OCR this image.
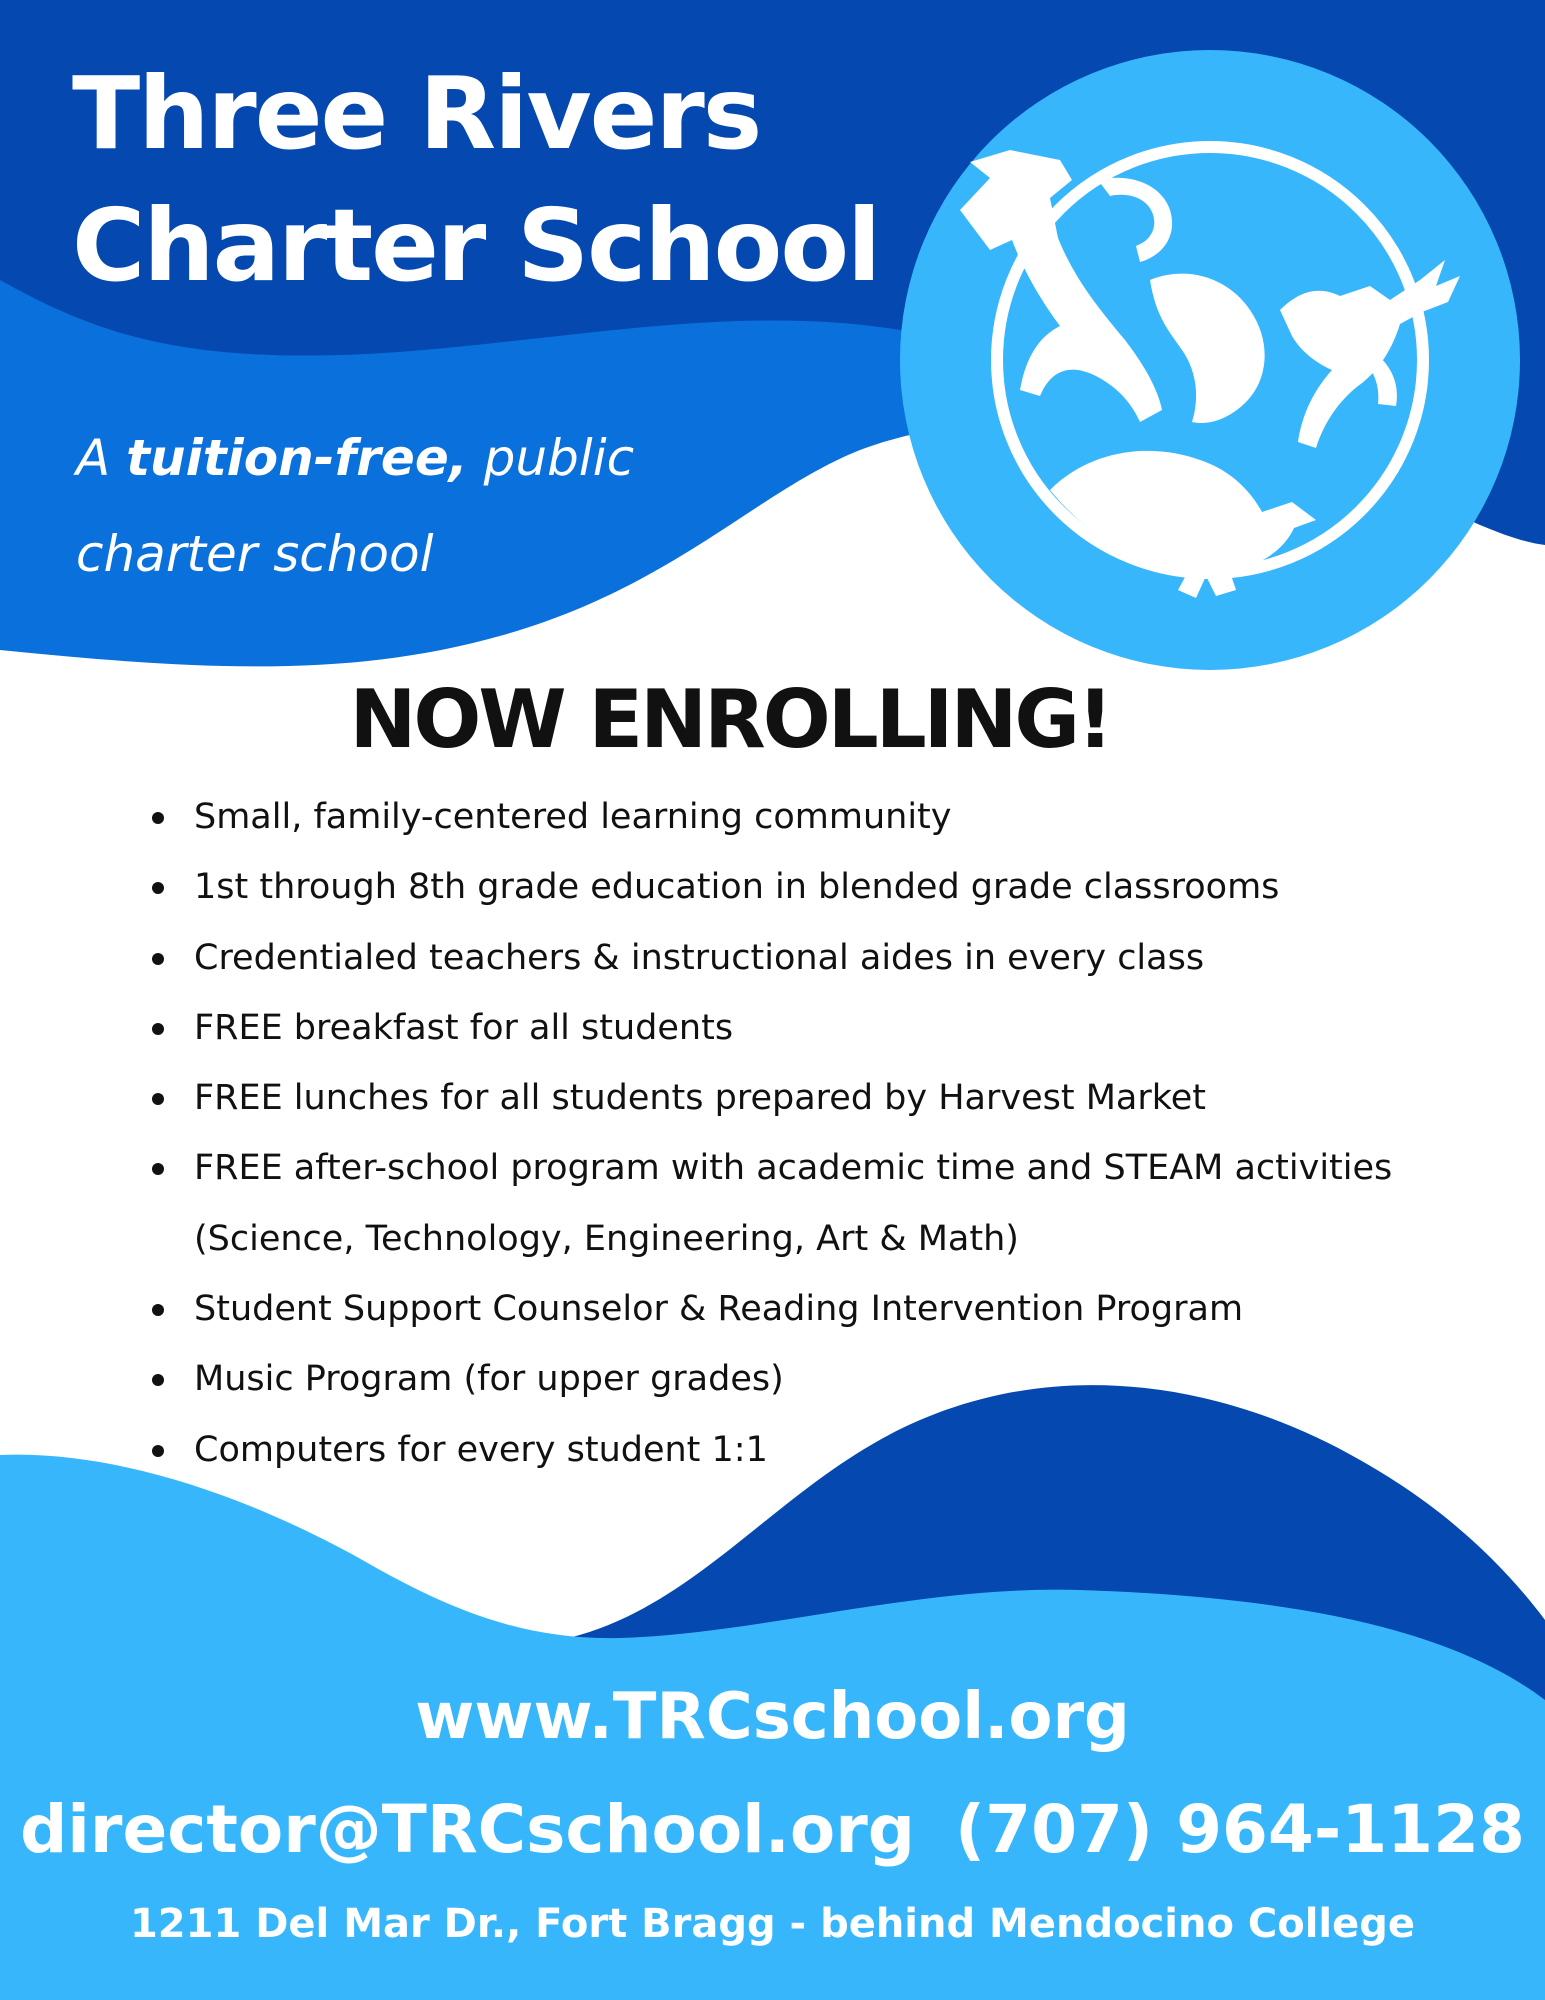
Three Rivers
Charter School

A tuition-free, public
charter school

NOW ENROLLING!
Small, family-centered learning community
1st through 8th grade education in blended grade classrooms
Credentialed teachers & instructional aides in every class
FREE breakfast for all students
FREE lunches for all students prepared by Harvest Market
FREE after-school program with academic time and STEAM activities
(Science, Technology, Engineering, Art & Math)
Student Support Counselor & Reading Intervention Program
Music Program (for upper grades)
Computers for every student 1:1

www.TRCschool.org

director@TRCschool.org (707) 964-1128

1211 Del Mar Dr., Fort Bragg - behind Mendocino College
